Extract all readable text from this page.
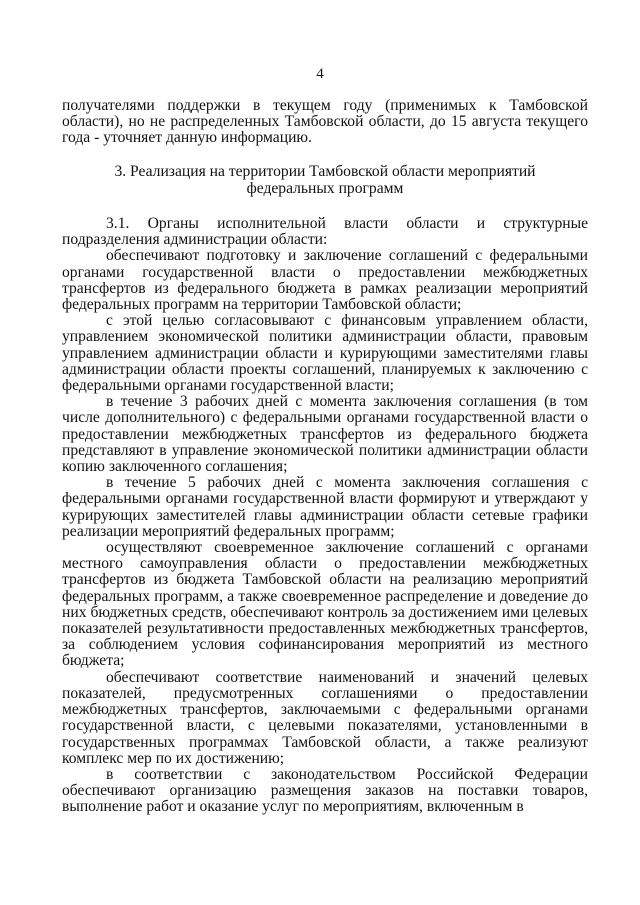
4

получателями поддержки в текущем году (применимых к Тамбовской области), но не распределенных Тамбовской области, до 15 августа текущего года - уточняет данную информацию.

3. Реализация на территории Тамбовской области мероприятий
федеральных программ

3.1. Органы исполнительной власти области и структурные подразделения администрации области:

обеспечивают подготовку и заключение соглашений с федеральными органами государственной власти о предоставлении межбюджетных трансфертов из федерального бюджета в рамках реализации мероприятий федеральных программ на территории Тамбовской области;

с этой целью согласовывают с финансовым управлением области, управлением экономической политики администрации области, правовым управлением администрации области и курирующими заместителями главы администрации области проекты соглашений, планируемых к заключению с федеральными органами государственной власти;

в течение 3 рабочих дней с момента заключения соглашения (в том числе дополнительного) с федеральными органами государственной власти о предоставлении межбюджетных трансфертов из федерального бюджета представляют в управление экономической политики администрации области копию заключенного соглашения;

в течение 5 рабочих дней с момента заключения соглашения с федеральными органами государственной власти формируют и утверждают у курирующих заместителей главы администрации области сетевые графики реализации мероприятий федеральных программ;

осуществляют своевременное заключение соглашений с органами местного самоуправления области о предоставлении межбюджетных трансфертов из бюджета Тамбовской области на реализацию мероприятий федеральных программ, а также своевременное распределение и доведение до них бюджетных средств, обеспечивают контроль за достижением ими целевых показателей результативности предоставленных межбюджетных трансфертов, за соблюдением условия софинансирования мероприятий из местного бюджета;

обеспечивают соответствие наименований и значений целевых показателей, предусмотренных соглашениями о предоставлении межбюджетных трансфертов, заключаемыми с федеральными органами государственной власти, с целевыми показателями, установленными в государственных программах Тамбовской области, а также реализуют комплекс мер по их достижению;

в соответствии с законодательством Российской Федерации обеспечивают организацию размещения заказов на поставки товаров, выполнение работ и оказание услуг по мероприятиям, включенным в
